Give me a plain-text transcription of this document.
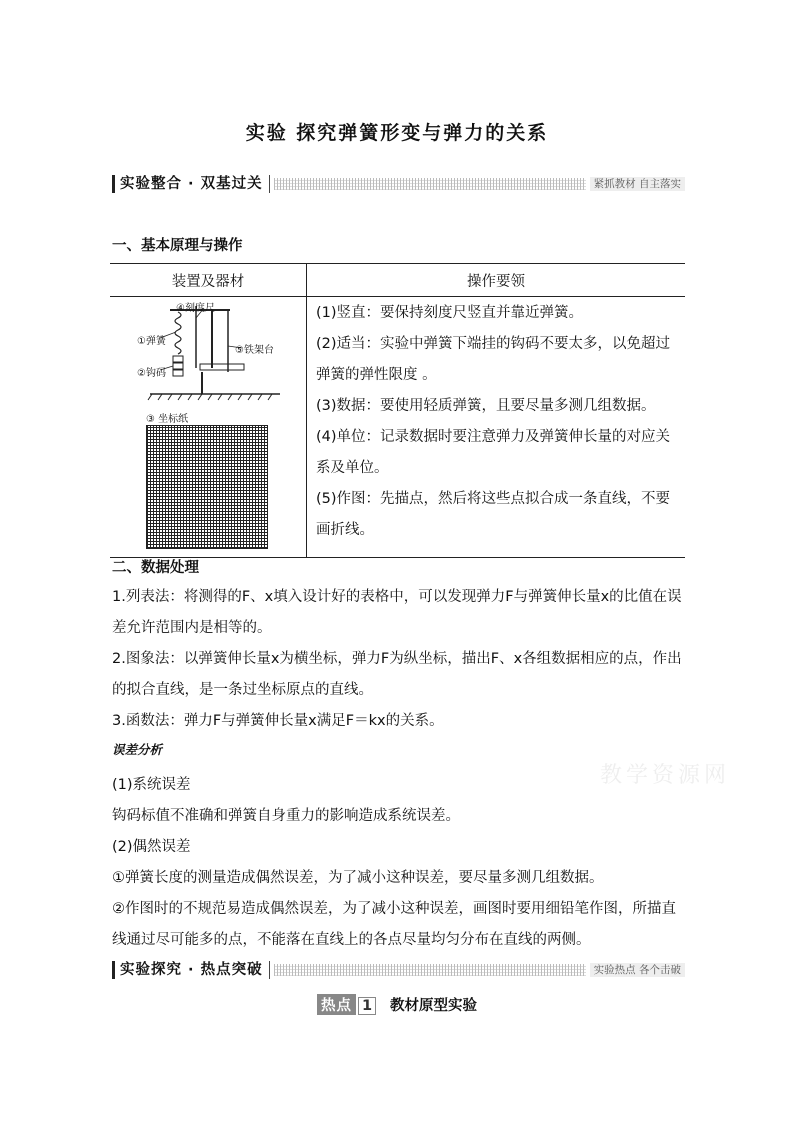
实验 探究弹簧形变与弹力的关系
实验整合 · 双基过关	紧抓教材 自主落实
一、基本原理与操作
装置及器材	操作要领

	(1)竖直：要保持刻度尺竖直并靠近弹簧。

(2)适当：实验中弹簧下端挂的钩码不要太多，以免超过弹簧的弹性限度 。

(3)数据：要使用轻质弹簧，且要尽量多测几组数据。

(4)单位：记录数据时要注意弹力及弹簧伸长量的对应关系及单位。

(5)作图：先描点，然后将这些点拟合成一条直线，不要画折线。

④刻度尺
①弹簧
⑤铁架台
②钩码
③ 坐标纸
二、数据处理

1.列表法：将测得的F、x填入设计好的表格中，可以发现弹力F与弹簧伸长量x的比值在误差允许范围内是相等的。

2.图象法：以弹簧伸长量x为横坐标，弹力F为纵坐标，描出F、x各组数据相应的点，作出的拟合直线，是一条过坐标原点的直线。

3.函数法：弹力F与弹簧伸长量x满足F＝kx的关系。

误差分析
教学资源网

(1)系统误差

钩码标值不准确和弹簧自身重力的影响造成系统误差。

(2)偶然误差

①弹簧长度的测量造成偶然误差，为了减小这种误差，要尽量多测几组数据。

②作图时的不规范易造成偶然误差，为了减小这种误差，画图时要用细铅笔作图，所描直线通过尽可能多的点，不能落在直线上的各点尽量均匀分布在直线的两侧。

实验探究 · 热点突破	实验热点 各个击破
热点 1 教材原型实验
